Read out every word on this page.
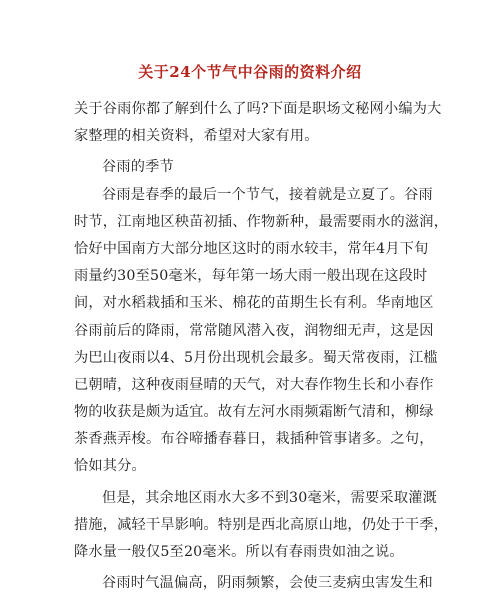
关于24个节气中谷雨的资料介绍
关于谷雨你都了解到什么了吗?下面是职场文秘网小编为大
家整理的相关资料，希望对大家有用。
谷雨的季节
谷雨是春季的最后一个节气，接着就是立夏了。谷雨
时节，江南地区秧苗初插、作物新种，最需要雨水的滋润，
恰好中国南方大部分地区这时的雨水较丰，常年4月下旬
雨量约30至50毫米，每年第一场大雨一般出现在这段时
间，对水稻栽插和玉米、棉花的苗期生长有利。华南地区
谷雨前后的降雨，常常随风潜入夜，润物细无声，这是因
为巴山夜雨以4、5月份出现机会最多。蜀天常夜雨，江槛
已朝晴，这种夜雨昼晴的天气，对大春作物生长和小春作
物的收获是颇为适宜。故有左河水雨频霜断气清和，柳绿
茶香燕弄梭。布谷啼播春暮日，栽插种管事诸多。之句，
恰如其分。
但是，其余地区雨水大多不到30毫米，需要采取灌溉
措施，减轻干旱影响。特别是西北高原山地，仍处于干季，
降水量一般仅5至20毫米。所以有春雨贵如油之说。
谷雨时气温偏高，阴雨频繁，会使三麦病虫害发生和
